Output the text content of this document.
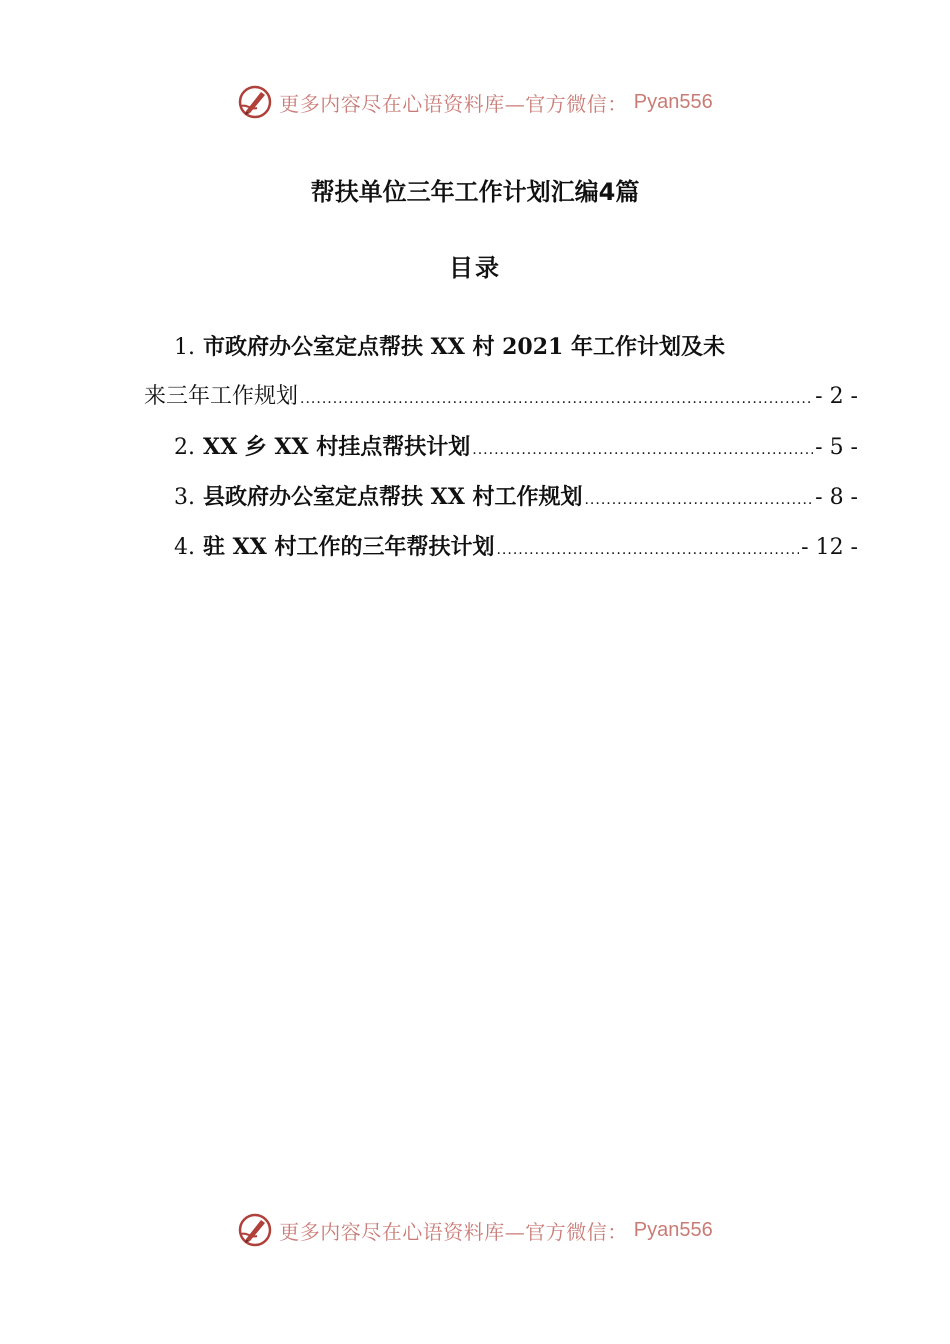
更多内容尽在心语资料库—官方微信： Pyan556
帮扶单位三年工作计划汇编4篇
目录
1. 市政府办公室定点帮扶 XX 村 2021 年工作计划及未
来三年工作规划 .....	- 2 -
2. XX 乡 XX 村挂点帮扶计划 .....	- 5 -
3. 县政府办公室定点帮扶 XX 村工作规划 .....	- 8 -
4. 驻 XX 村工作的三年帮扶计划 .....	- 12 -
更多内容尽在心语资料库—官方微信： Pyan556
